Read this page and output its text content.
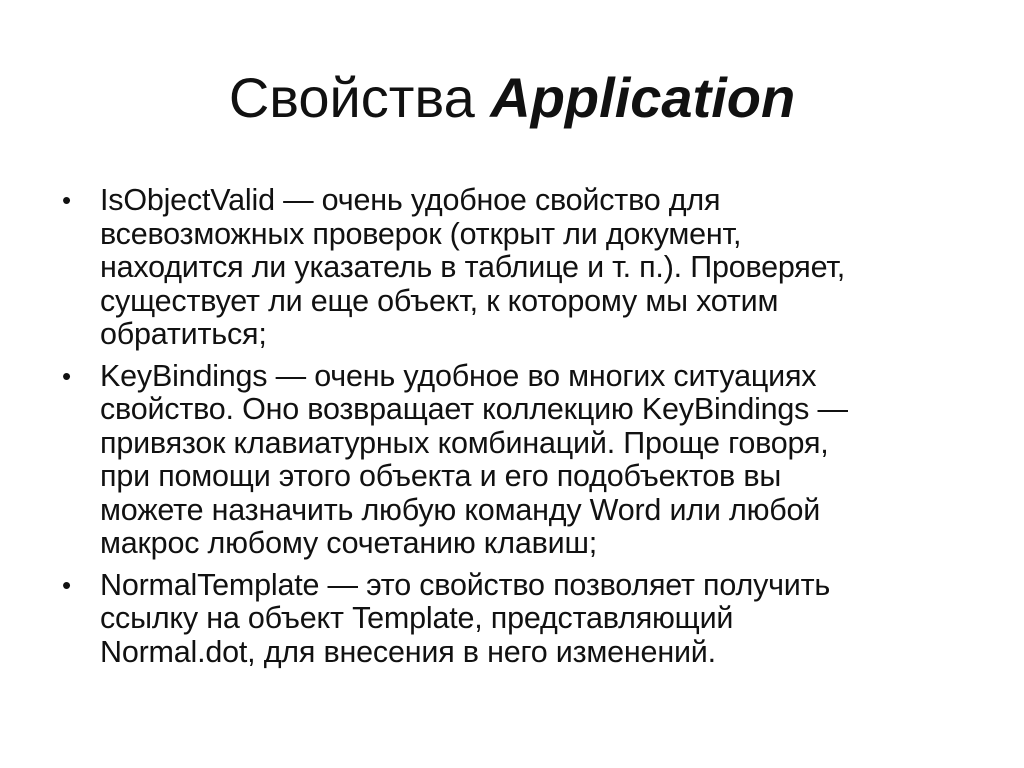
Свойства Application
• IsObjectValid — очень удобное свойство для
всевозможных проверок (открыт ли документ,
находится ли указатель в таблице и т. п.). Проверяет,
существует ли еще объект, к которому мы хотим
обратиться;
• KeyBindings — очень удобное во многих ситуациях
свойство. Оно возвращает коллекцию KeyBindings —
привязок клавиатурных комбинаций. Проще говоря,
при помощи этого объекта и его подобъектов вы
можете назначить любую команду Word или любой
макрос любому сочетанию клавиш;
• NormalTemplate — это свойство позволяет получить
ссылку на объект Template, представляющий
Normal.dot, для внесения в него изменений.
